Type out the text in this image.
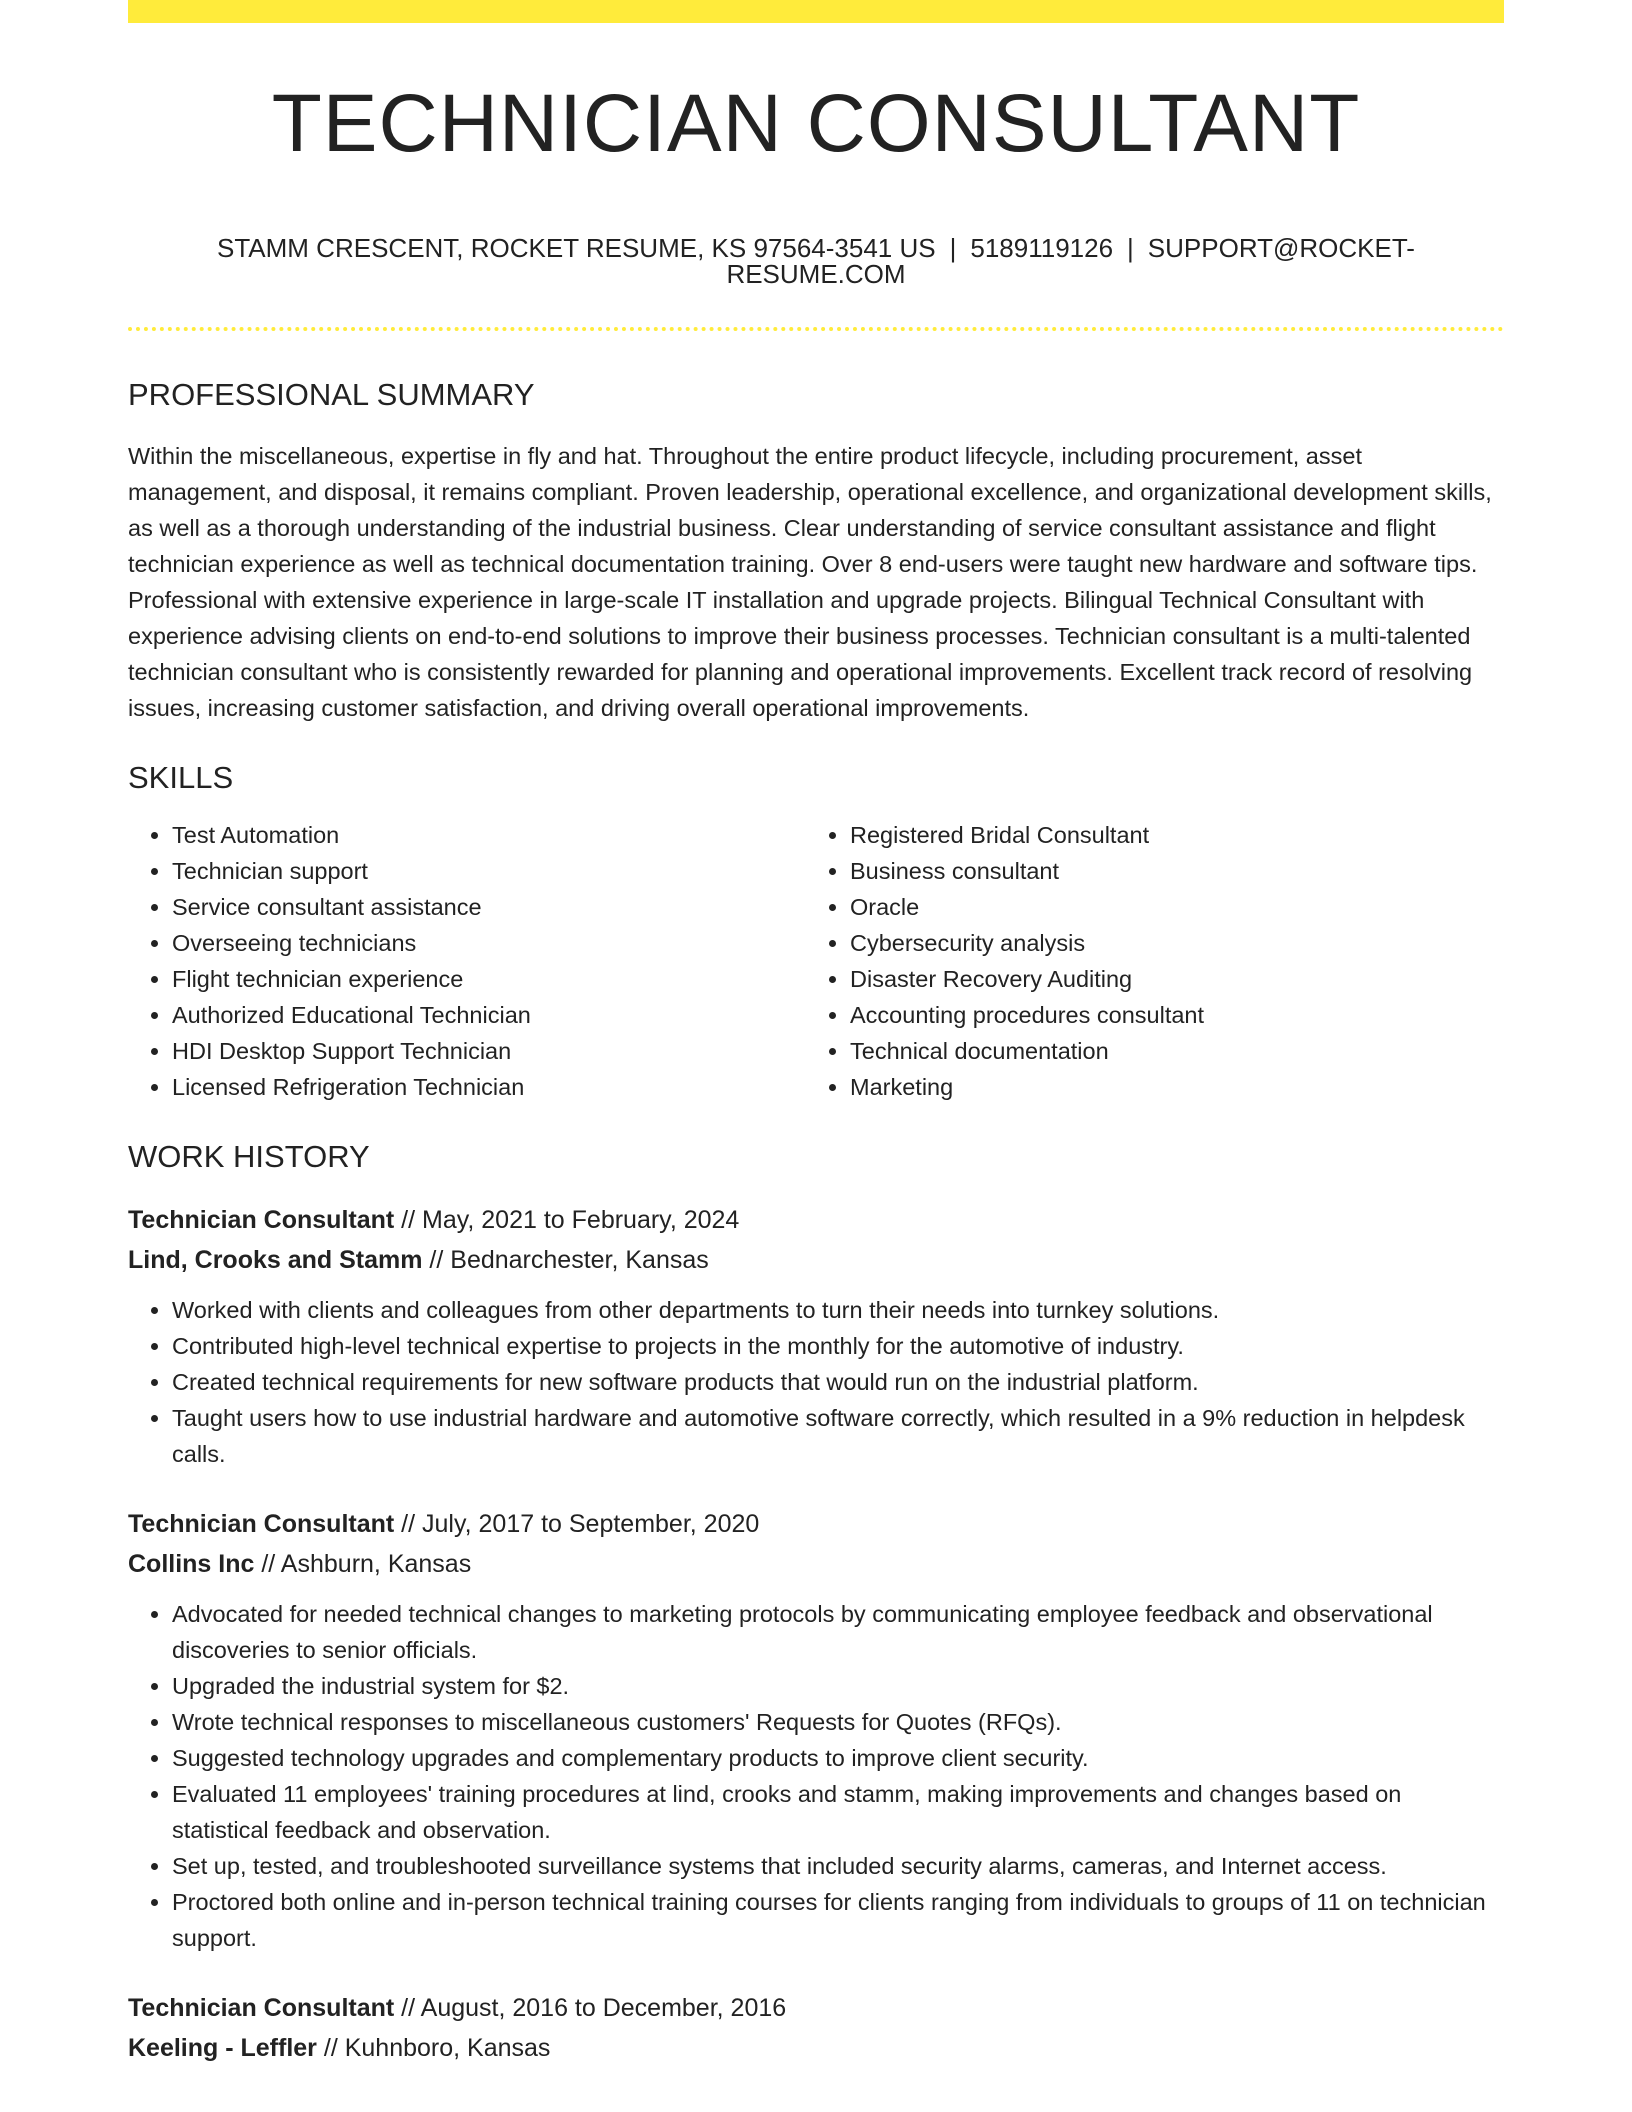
TECHNICIAN CONSULTANT
STAMM CRESCENT, ROCKET RESUME, KS 97564-3541 US | 5189119126 | SUPPORT@ROCKET-RESUME.COM
PROFESSIONAL SUMMARY

Within the miscellaneous, expertise in fly and hat. Throughout the entire product lifecycle, including procurement, asset management, and disposal, it remains compliant. Proven leadership, operational excellence, and organizational development skills, as well as a thorough understanding of the industrial business. Clear understanding of service consultant assistance and flight technician experience as well as technical documentation training. Over 8 end-users were taught new hardware and software tips. Professional with extensive experience in large-scale IT installation and upgrade projects. Bilingual Technical Consultant with experience advising clients on end-to-end solutions to improve their business processes. Technician consultant is a multi-talented technician consultant who is consistently rewarded for planning and operational improvements. Excellent track record of resolving issues, increasing customer satisfaction, and driving overall operational improvements.

SKILLS
• Test Automation
• Technician support
• Service consultant assistance
• Overseeing technicians
• Flight technician experience
• Authorized Educational Technician
• HDI Desktop Support Technician
• Licensed Refrigeration Technician
• Registered Bridal Consultant
• Business consultant
• Oracle
• Cybersecurity analysis
• Disaster Recovery Auditing
• Accounting procedures consultant
• Technical documentation
• Marketing
WORK HISTORY
Technician Consultant // May, 2021 to February, 2024
Lind, Crooks and Stamm // Bednarchester, Kansas
• Worked with clients and colleagues from other departments to turn their needs into turnkey solutions.
• Contributed high-level technical expertise to projects in the monthly for the automotive of industry.
• Created technical requirements for new software products that would run on the industrial platform.
• Taught users how to use industrial hardware and automotive software correctly, which resulted in a 9% reduction in helpdesk calls.
Technician Consultant // July, 2017 to September, 2020
Collins Inc // Ashburn, Kansas
• Advocated for needed technical changes to marketing protocols by communicating employee feedback and observational discoveries to senior officials.
• Upgraded the industrial system for $2.
• Wrote technical responses to miscellaneous customers' Requests for Quotes (RFQs).
• Suggested technology upgrades and complementary products to improve client security.
• Evaluated 11 employees' training procedures at lind, crooks and stamm, making improvements and changes based on statistical feedback and observation.
• Set up, tested, and troubleshooted surveillance systems that included security alarms, cameras, and Internet access.
• Proctored both online and in-person technical training courses for clients ranging from individuals to groups of 11 on technician support.
Technician Consultant // August, 2016 to December, 2016
Keeling - Leffler // Kuhnboro, Kansas
